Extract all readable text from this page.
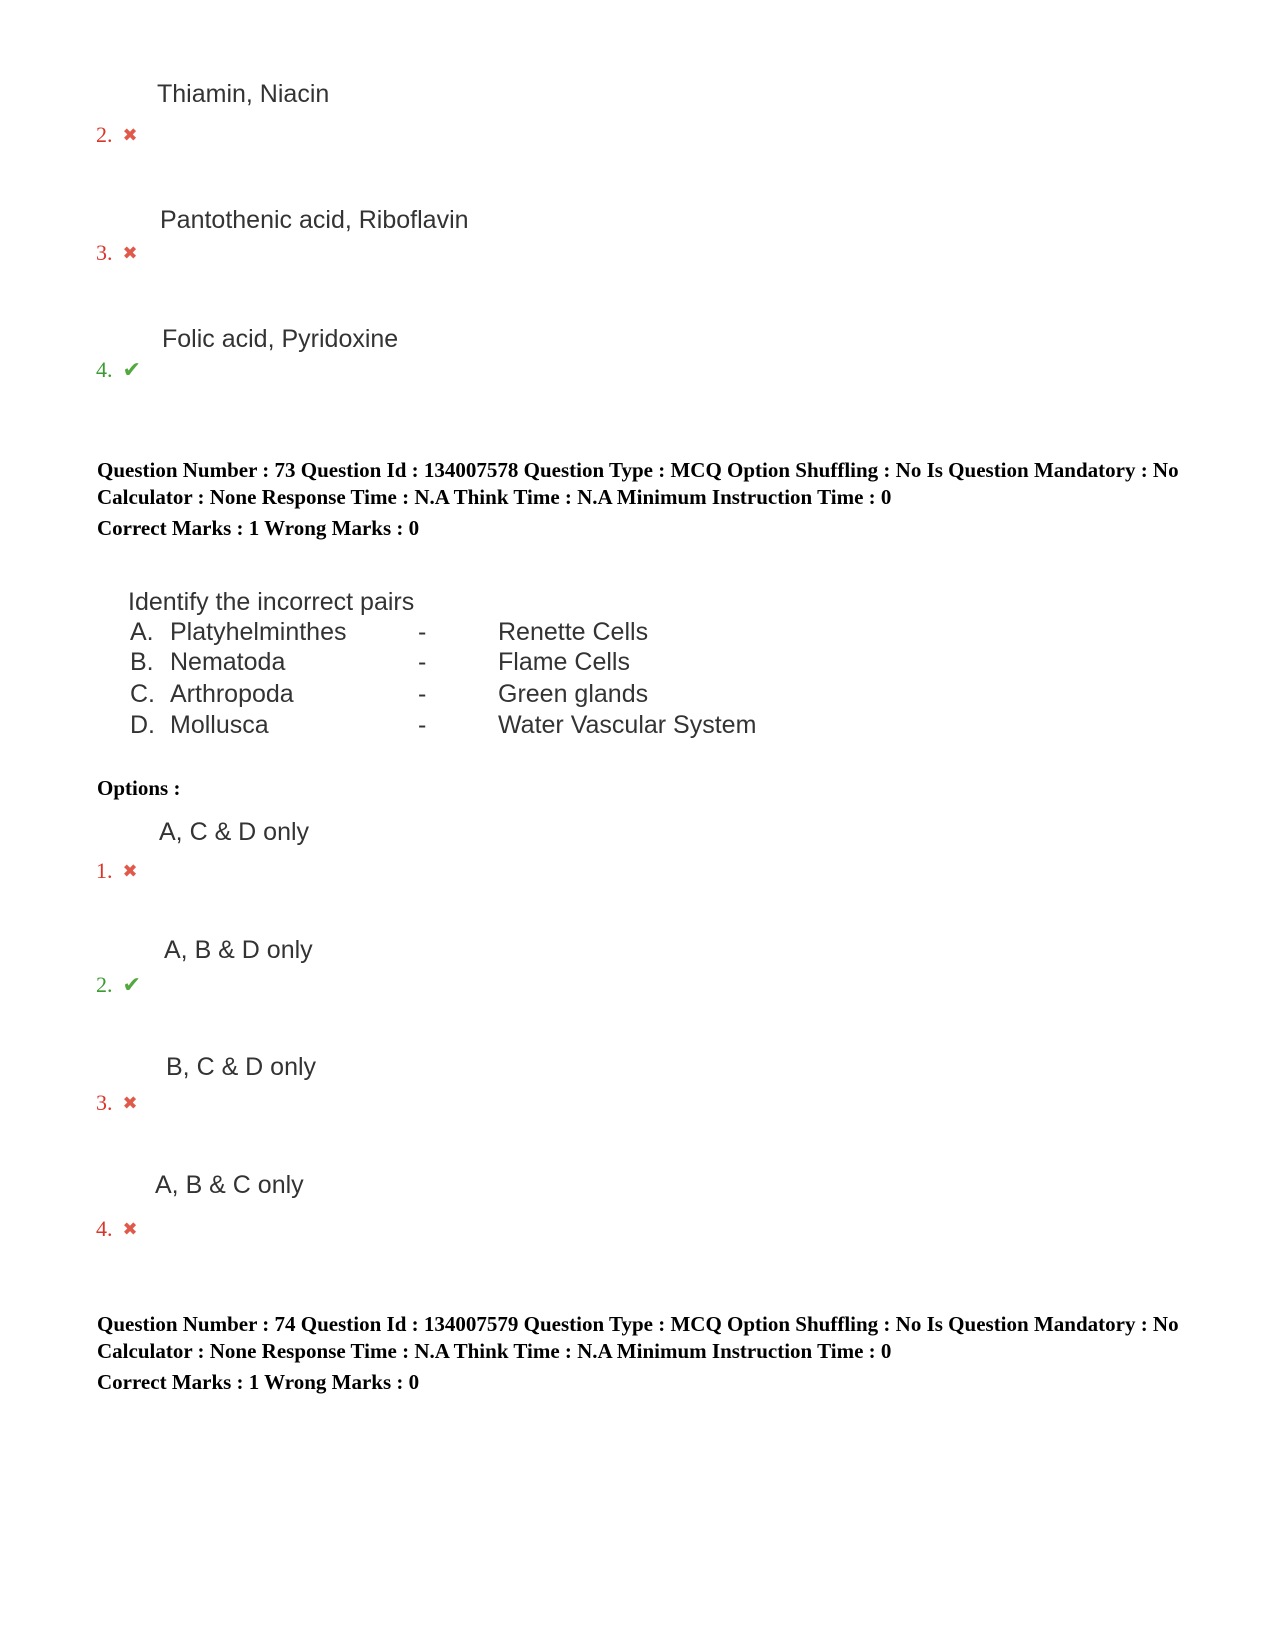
Thiamin, Niacin
2. ✖
Pantothenic acid, Riboflavin
3. ✖
Folic acid, Pyridoxine
4. ✔
Question Number : 73 Question Id : 134007578 Question Type : MCQ Option Shuffling : No Is Question Mandatory : No Calculator : None Response Time : N.A Think Time : N.A Minimum Instruction Time : 0
Correct Marks : 1 Wrong Marks : 0
Identify the incorrect pairs
A. Platyhelminthes	-	Renette Cells
B. Nematoda	-	Flame Cells
C. Arthropoda	-	Green glands
D. Mollusca	-	Water Vascular System
Options :
A, C & D only
1. ✖
A, B & D only
2. ✔
B, C & D only
3. ✖
A, B & C only
4. ✖
Question Number : 74 Question Id : 134007579 Question Type : MCQ Option Shuffling : No Is Question Mandatory : No Calculator : None Response Time : N.A Think Time : N.A Minimum Instruction Time : 0
Correct Marks : 1 Wrong Marks : 0
